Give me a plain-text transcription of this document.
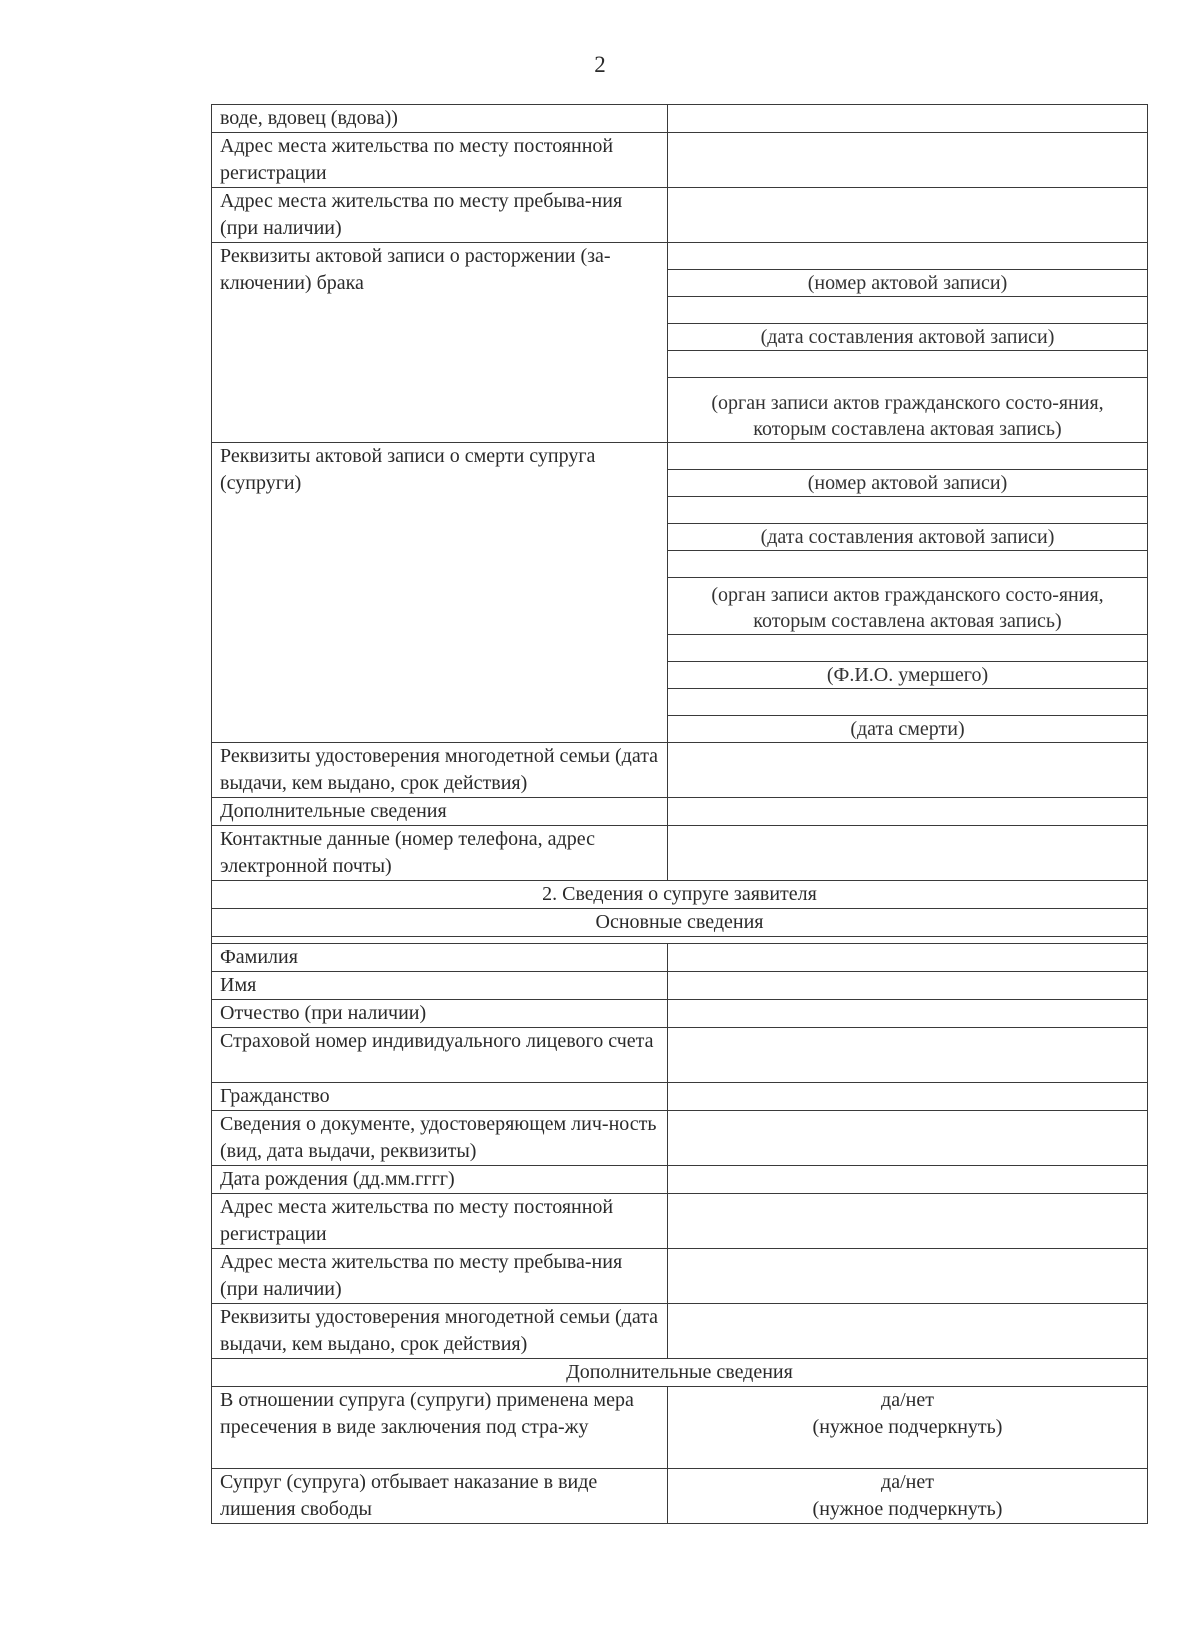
2
воде, вдовец (вдова))	
Адрес места жительства по месту постоянной регистрации	
Адрес места жительства по месту пребыва-ния (при наличии)	
Реквизиты актовой записи о расторжении (за-ключении) брака	
	(номер актовой записи)

	(дата составления актовой записи)

	(орган записи актов гражданского состо-яния, которым составлена актовая запись)
Реквизиты актовой записи о смерти супруга (супруги)	
	(номер актовой записи)

	(дата составления актовой записи)

	(орган записи актов гражданского состо-яния, которым составлена актовая запись)

	(Ф.И.О. умершего)

	(дата смерти)
Реквизиты удостоверения многодетной семьи (дата выдачи, кем выдано, срок действия)	
Дополнительные сведения	
Контактные данные (номер телефона, адрес электронной почты)	
2. Сведения о супруге заявителя	
Основные сведения	

Фамилия	
Имя	
Отчество (при наличии)	
Страховой номер индивидуального лицевого счета	
Гражданство	
Сведения о документе, удостоверяющем лич-ность (вид, дата выдачи, реквизиты)	
Дата рождения (дд.мм.гггг)	
Адрес места жительства по месту постоянной регистрации	
Адрес места жительства по месту пребыва-ния (при наличии)	
Реквизиты удостоверения многодетной семьи (дата выдачи, кем выдано, срок действия)	
Дополнительные сведения	
В отношении супруга (супруги) применена мера пресечения в виде заключения под стра-жу	да/нет
(нужное подчеркнуть)

Супруг (супруга) отбывает наказание в виде лишения свободы	да/нет
(нужное подчеркнуть)
